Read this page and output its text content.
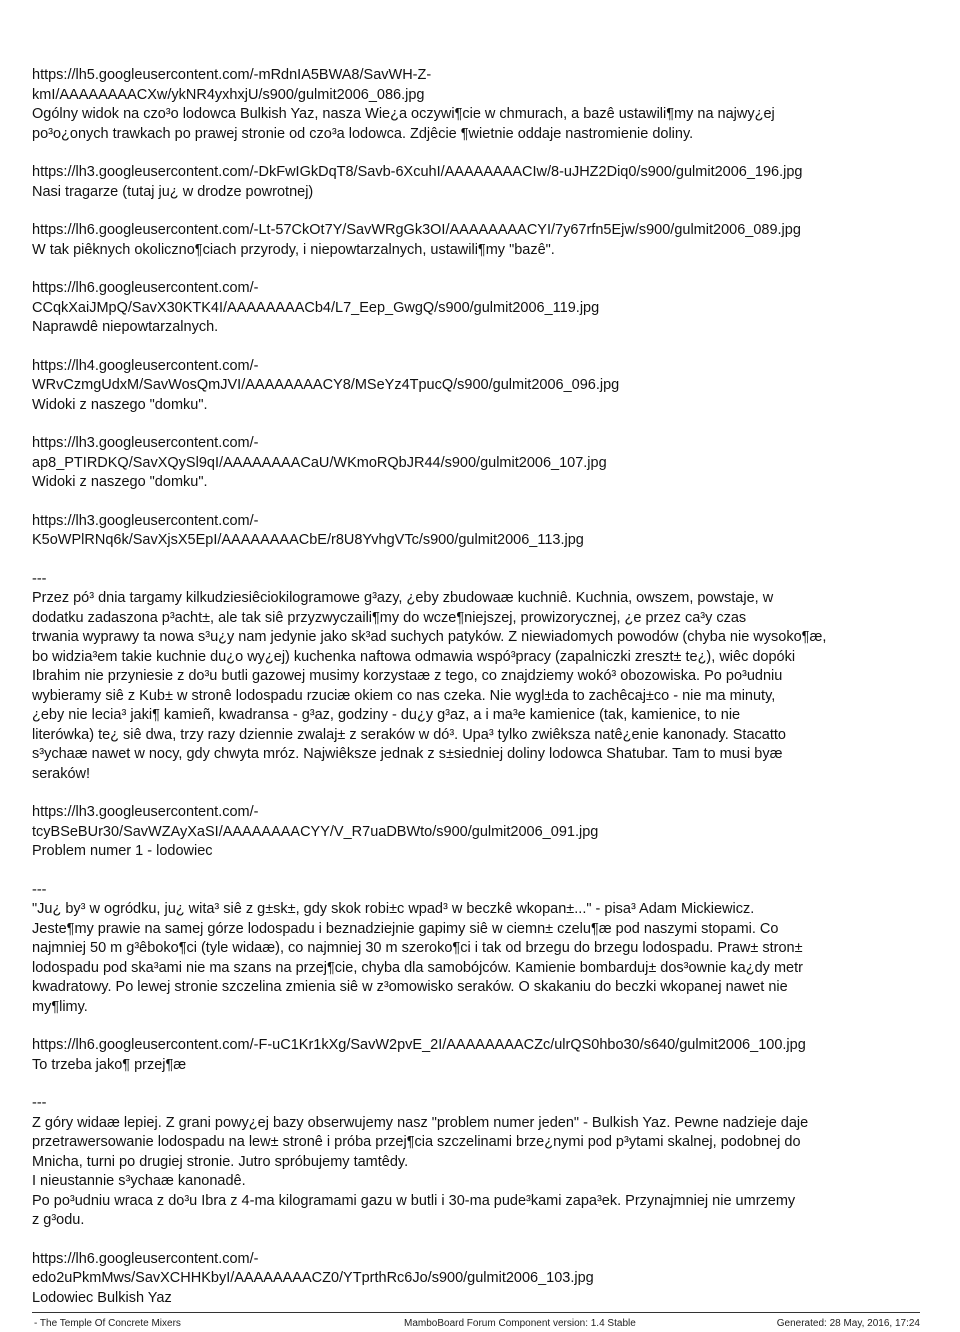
https://lh5.googleusercontent.com/-mRdnIA5BWA8/SavWH-Z-
kmI/AAAAAAAACXw/ykNR4yxhxjU/s900/gulmit2006_086.jpg
Ogólny widok na czo³o lodowca Bulkish Yaz, nasza Wie¿a oczywi¶cie w chmurach, a bazê ustawili¶my na najwy¿ej
po³o¿onych trawkach po prawej stronie od czo³a lodowca. Zdjêcie ¶wietnie oddaje nastromienie doliny.
https://lh3.googleusercontent.com/-DkFwIGkDqT8/Savb-6XcuhI/AAAAAAAACIw/8-uJHZ2Diq0/s900/gulmit2006_196.jpg
Nasi tragarze (tutaj ju¿ w drodze powrotnej)
https://lh6.googleusercontent.com/-Lt-57CkOt7Y/SavWRgGk3OI/AAAAAAAACYI/7y67rfn5Ejw/s900/gulmit2006_089.jpg
W tak piêknych okoliczno¶ciach przyrody, i niepowtarzalnych, ustawili¶my "bazê".
https://lh6.googleusercontent.com/-
CCqkXaiJMpQ/SavX30KTK4I/AAAAAAAACb4/L7_Eep_GwgQ/s900/gulmit2006_119.jpg
Naprawdê niepowtarzalnych.
https://lh4.googleusercontent.com/-
WRvCzmgUdxM/SavWosQmJVI/AAAAAAAACY8/MSeYz4TpucQ/s900/gulmit2006_096.jpg
Widoki z naszego "domku".
https://lh3.googleusercontent.com/-
ap8_PTIRDKQ/SavXQySl9qI/AAAAAAAACaU/WKmoRQbJR44/s900/gulmit2006_107.jpg
Widoki z naszego "domku".
https://lh3.googleusercontent.com/-
K5oWPlRNq6k/SavXjsX5EpI/AAAAAAAACbE/r8U8YvhgVTc/s900/gulmit2006_113.jpg
---
Przez pó³ dnia targamy kilkudziesiêciokilogramowe g³azy, ¿eby zbudowaæ kuchniê. Kuchnia, owszem, powstaje, w
dodatku zadaszona p³acht±, ale tak siê przyzwyczaili¶my do wcze¶niejszej, prowizorycznej, ¿e przez ca³y czas
trwania wyprawy ta nowa s³u¿y nam jedynie jako sk³ad suchych patyków. Z niewiadomych powodów (chyba nie wysoko¶æ,
bo widzia³em takie kuchnie du¿o wy¿ej) kuchenka naftowa odmawia wspó³pracy (zapalniczki zreszt± te¿), wiêc dopóki
Ibrahim nie przyniesie z do³u butli gazowej musimy korzystaæ z tego, co znajdziemy wokó³ obozowiska. Po po³udniu
wybieramy siê z Kub± w stronê lodospadu rzuciæ okiem co nas czeka. Nie wygl±da to zachêcaj±co - nie ma minuty,
¿eby nie lecia³ jaki¶ kamieñ, kwadransa - g³az, godziny - du¿y g³az, a i ma³e kamienice (tak, kamienice, to nie
literówka) te¿ siê dwa, trzy razy dziennie zwalaj± z seraków w dó³. Upa³ tylko zwiêksza natê¿enie kanonady. Stacatto
s³ychaæ nawet w nocy, gdy chwyta mróz. Najwiêksze jednak z s±siedniej doliny lodowca Shatubar. Tam to musi byæ
seraków!
https://lh3.googleusercontent.com/-
tcyBSeBUr30/SavWZAyXaSI/AAAAAAAACYY/V_R7uaDBWto/s900/gulmit2006_091.jpg
Problem numer 1 - lodowiec
---
"Ju¿ by³ w ogródku, ju¿ wita³ siê z g±sk±, gdy skok robi±c wpad³ w beczkê wkopan±..." - pisa³ Adam Mickiewicz.
Jeste¶my prawie na samej górze lodospadu i beznadziejnie gapimy siê w ciemn± czelu¶æ pod naszymi stopami. Co
najmniej 50 m g³êboko¶ci (tyle widaæ), co najmniej 30 m szeroko¶ci i tak od brzegu do brzegu lodospadu. Praw± stron±
lodospadu pod ska³ami nie ma szans na przej¶cie, chyba dla samobójców. Kamienie bombarduj± dos³ownie ka¿dy metr
kwadratowy. Po lewej stronie szczelina zmienia siê w z³omowisko seraków. O skakaniu do beczki wkopanej nawet nie
my¶limy.
https://lh6.googleusercontent.com/-F-uC1Kr1kXg/SavW2pvE_2I/AAAAAAAACZc/ulrQS0hbo30/s640/gulmit2006_100.jpg
To trzeba jako¶ przej¶æ
---
Z góry widaæ lepiej. Z grani powy¿ej bazy obserwujemy nasz "problem numer jeden" - Bulkish Yaz. Pewne nadzieje daje
przetrawersowanie lodospadu na lew± stronê i próba przej¶cia szczelinami brze¿nymi pod p³ytami skalnej, podobnej do
Mnicha, turni po drugiej stronie. Jutro spróbujemy tamtêdy.
I nieustannie s³ychaæ kanonadê.
Po po³udniu wraca z do³u Ibra z 4-ma kilogramami gazu w butli i 30-ma pude³kami zapa³ek. Przynajmniej nie umrzemy
z g³odu.
https://lh6.googleusercontent.com/-
edo2uPkmMws/SavXCHHKbyI/AAAAAAAACZ0/YTprthRc6Jo/s900/gulmit2006_103.jpg
Lodowiec Bulkish Yaz
- The Temple Of Concrete Mixers	MamboBoard Forum Component version: 1.4 Stable	Generated: 28 May, 2016, 17:24
